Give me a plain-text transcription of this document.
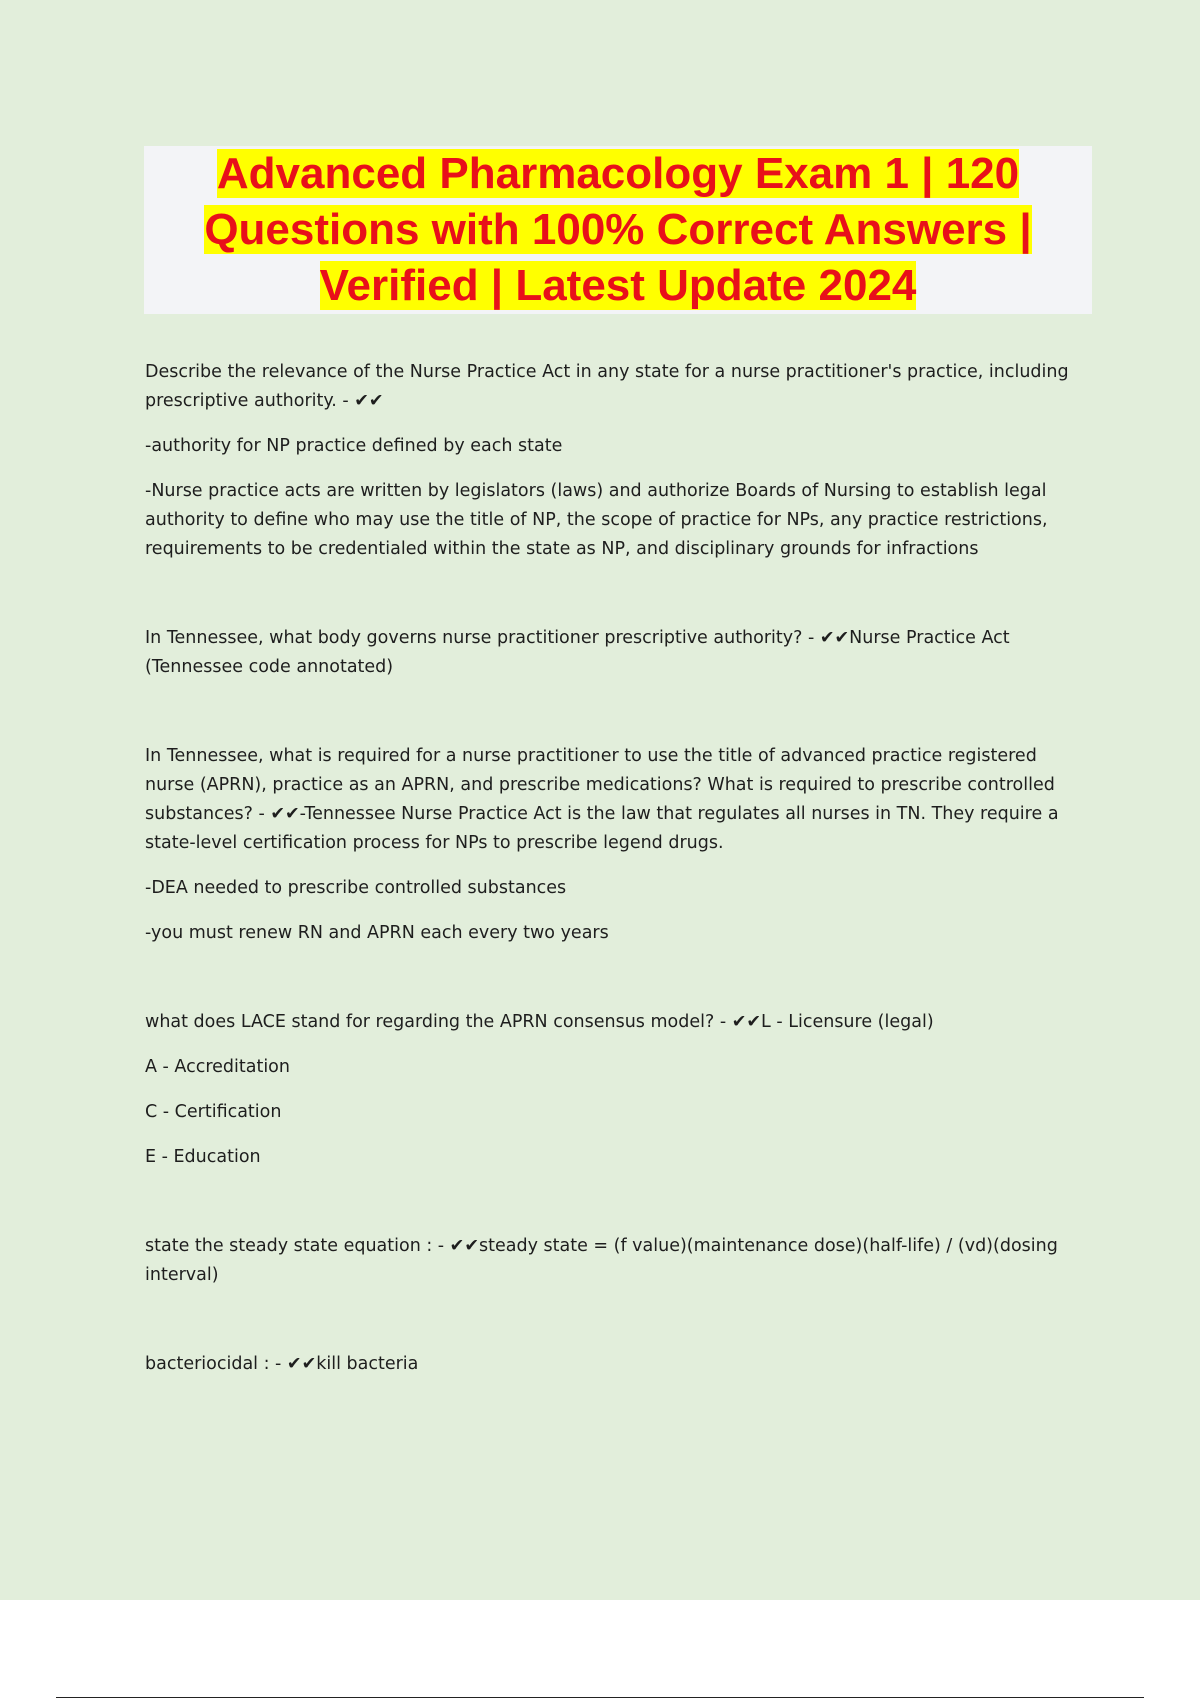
Advanced Pharmacology Exam 1 | 120 Questions with 100% Correct Answers | Verified | Latest Update 2024

Describe the relevance of the Nurse Practice Act in any state for a nurse practitioner's practice, including prescriptive authority. - ✔✔

-authority for NP practice defined by each state

-Nurse practice acts are written by legislators (laws) and authorize Boards of Nursing to establish legal authority to define who may use the title of NP, the scope of practice for NPs, any practice restrictions, requirements to be credentialed within the state as NP, and disciplinary grounds for infractions

In Tennessee, what body governs nurse practitioner prescriptive authority? - ✔✔Nurse Practice Act (Tennessee code annotated)

In Tennessee, what is required for a nurse practitioner to use the title of advanced practice registered nurse (APRN), practice as an APRN, and prescribe medications? What is required to prescribe controlled substances? - ✔✔-Tennessee Nurse Practice Act is the law that regulates all nurses in TN. They require a state-level certification process for NPs to prescribe legend drugs.

-DEA needed to prescribe controlled substances

-you must renew RN and APRN each every two years

what does LACE stand for regarding the APRN consensus model? - ✔✔L - Licensure (legal)

A - Accreditation

C - Certification

E - Education

state the steady state equation : - ✔✔steady state = (f value)(maintenance dose)(half-life) / (vd)(dosing interval)

bacteriocidal : - ✔✔kill bacteria
